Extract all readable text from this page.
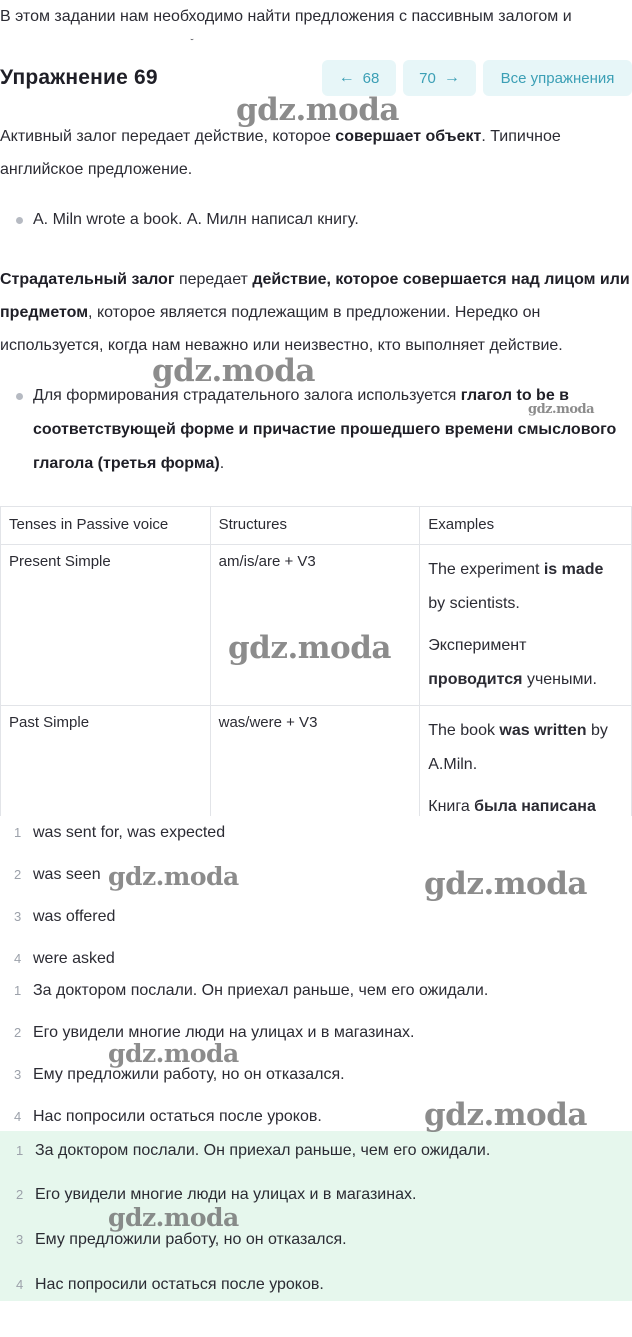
В этом задании нам необходимо найти предложения с пассивным залогом и
Упражнение 69	← 68	70 →	Все упражнения
Активный залог передает действие, которое совершает объект. Типичное английское предложение.
A. Miln wrote a book. А. Милн написал книгу.
Страдательный залог передает действие, которое совершается над лицом или предметом, которое является подлежащим в предложении. Нередко он используется, когда нам неважно или неизвестно, кто выполняет действие.
Для формирования страдательного залога используется глагол to be в соответствующей форме и причастие прошедшего времени смыслового глагола (третья форма).
Tenses in Passive voice	Structures	Examples
Present Simple	am/is/are + V3	The experiment is made by scientists.
Эксперимент проводится учеными.

Past Simple	was/were + V3	The book was written by A.Miln.
Книга была написана
1 was sent for, was expected
2 was seen
3 was offered
4 were asked
1 За доктором послали. Он приехал раньше, чем его ожидали.
2 Его увидели многие люди на улицах и в магазинах.
3 Ему предложили работу, но он отказался.
4 Нас попросили остаться после уроков.
1 За доктором послали. Он приехал раньше, чем его ожидали.
2 Его увидели многие люди на улицах и в магазинах.
3 Ему предложили работу, но он отказался.
4 Нас попросили остаться после уроков.
gdz.moda
gdz.moda
gdz.moda
gdz.moda
gdz.moda	gdz.moda
gdz.moda
gdz.moda
gdz.moda
